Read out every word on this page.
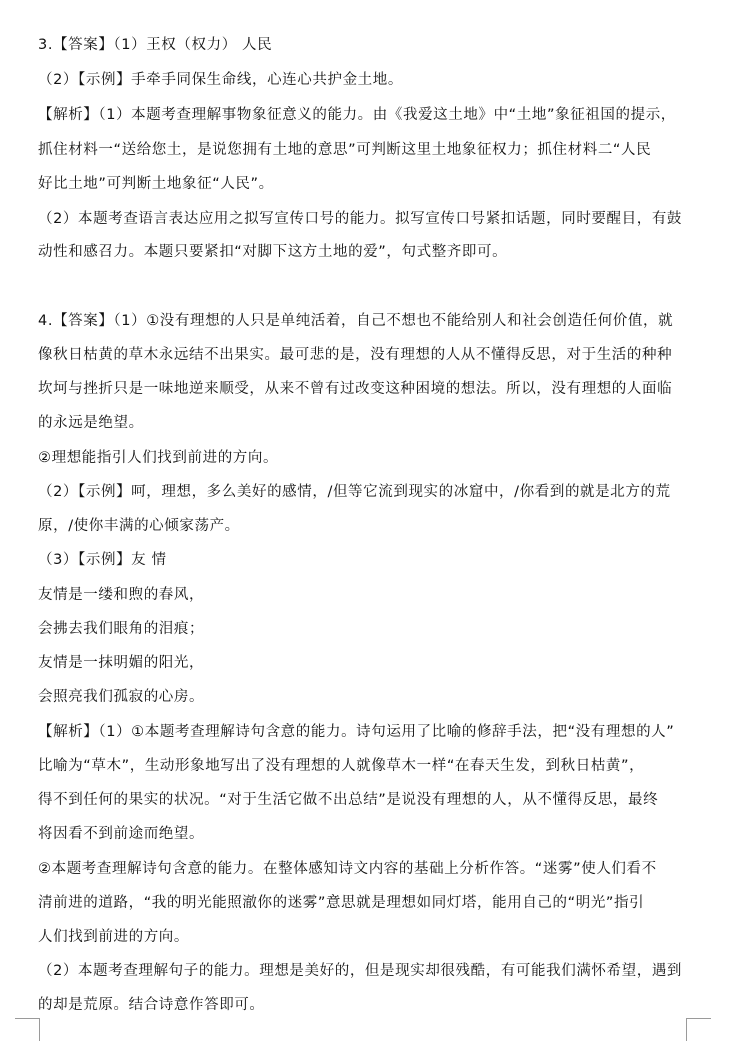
3.【答案】（1）王权（权力） 人民
（2）【示例】手牵手同保生命线，心连心共护金土地。
【解析】（1）本题考查理解事物象征意义的能力。由《我爱这土地》中“土地”象征祖国的提示，
抓住材料一“送给您土，是说您拥有土地的意思”可判断这里土地象征权力；抓住材料二“人民
好比土地”可判断土地象征“人民”。
（2）本题考查语言表达应用之拟写宣传口号的能力。拟写宣传口号紧扣话题，同时要醒目，有鼓
动性和感召力。本题只要紧扣“对脚下这方土地的爱”，句式整齐即可。
4.【答案】（1）①没有理想的人只是单纯活着，自己不想也不能给别人和社会创造任何价值，就
像秋日枯黄的草木永远结不出果实。最可悲的是，没有理想的人从不懂得反思，对于生活的种种
坎坷与挫折只是一味地逆来顺受，从来不曾有过改变这种困境的想法。所以，没有理想的人面临
的永远是绝望。
②理想能指引人们找到前进的方向。
（2）【示例】呵，理想，多么美好的感情，/但等它流到现实的冰窟中，/你看到的就是北方的荒
原，/使你丰满的心倾家荡产。
（3）【示例】友 情
友情是一缕和煦的春风，
会拂去我们眼角的泪痕；
友情是一抹明媚的阳光，
会照亮我们孤寂的心房。
【解析】（1）①本题考查理解诗句含意的能力。诗句运用了比喻的修辞手法，把“没有理想的人”
比喻为“草木”，生动形象地写出了没有理想的人就像草木一样“在春天生发，到秋日枯黄”，
得不到任何的果实的状况。“对于生活它做不出总结”是说没有理想的人，从不懂得反思，最终
将因看不到前途而绝望。
②本题考查理解诗句含意的能力。在整体感知诗文内容的基础上分析作答。“迷雾”使人们看不
清前进的道路，“我的明光能照澈你的迷雾”意思就是理想如同灯塔，能用自己的“明光”指引
人们找到前进的方向。
（2）本题考查理解句子的能力。理想是美好的，但是现实却很残酷，有可能我们满怀希望，遇到
的却是荒原。结合诗意作答即可。
